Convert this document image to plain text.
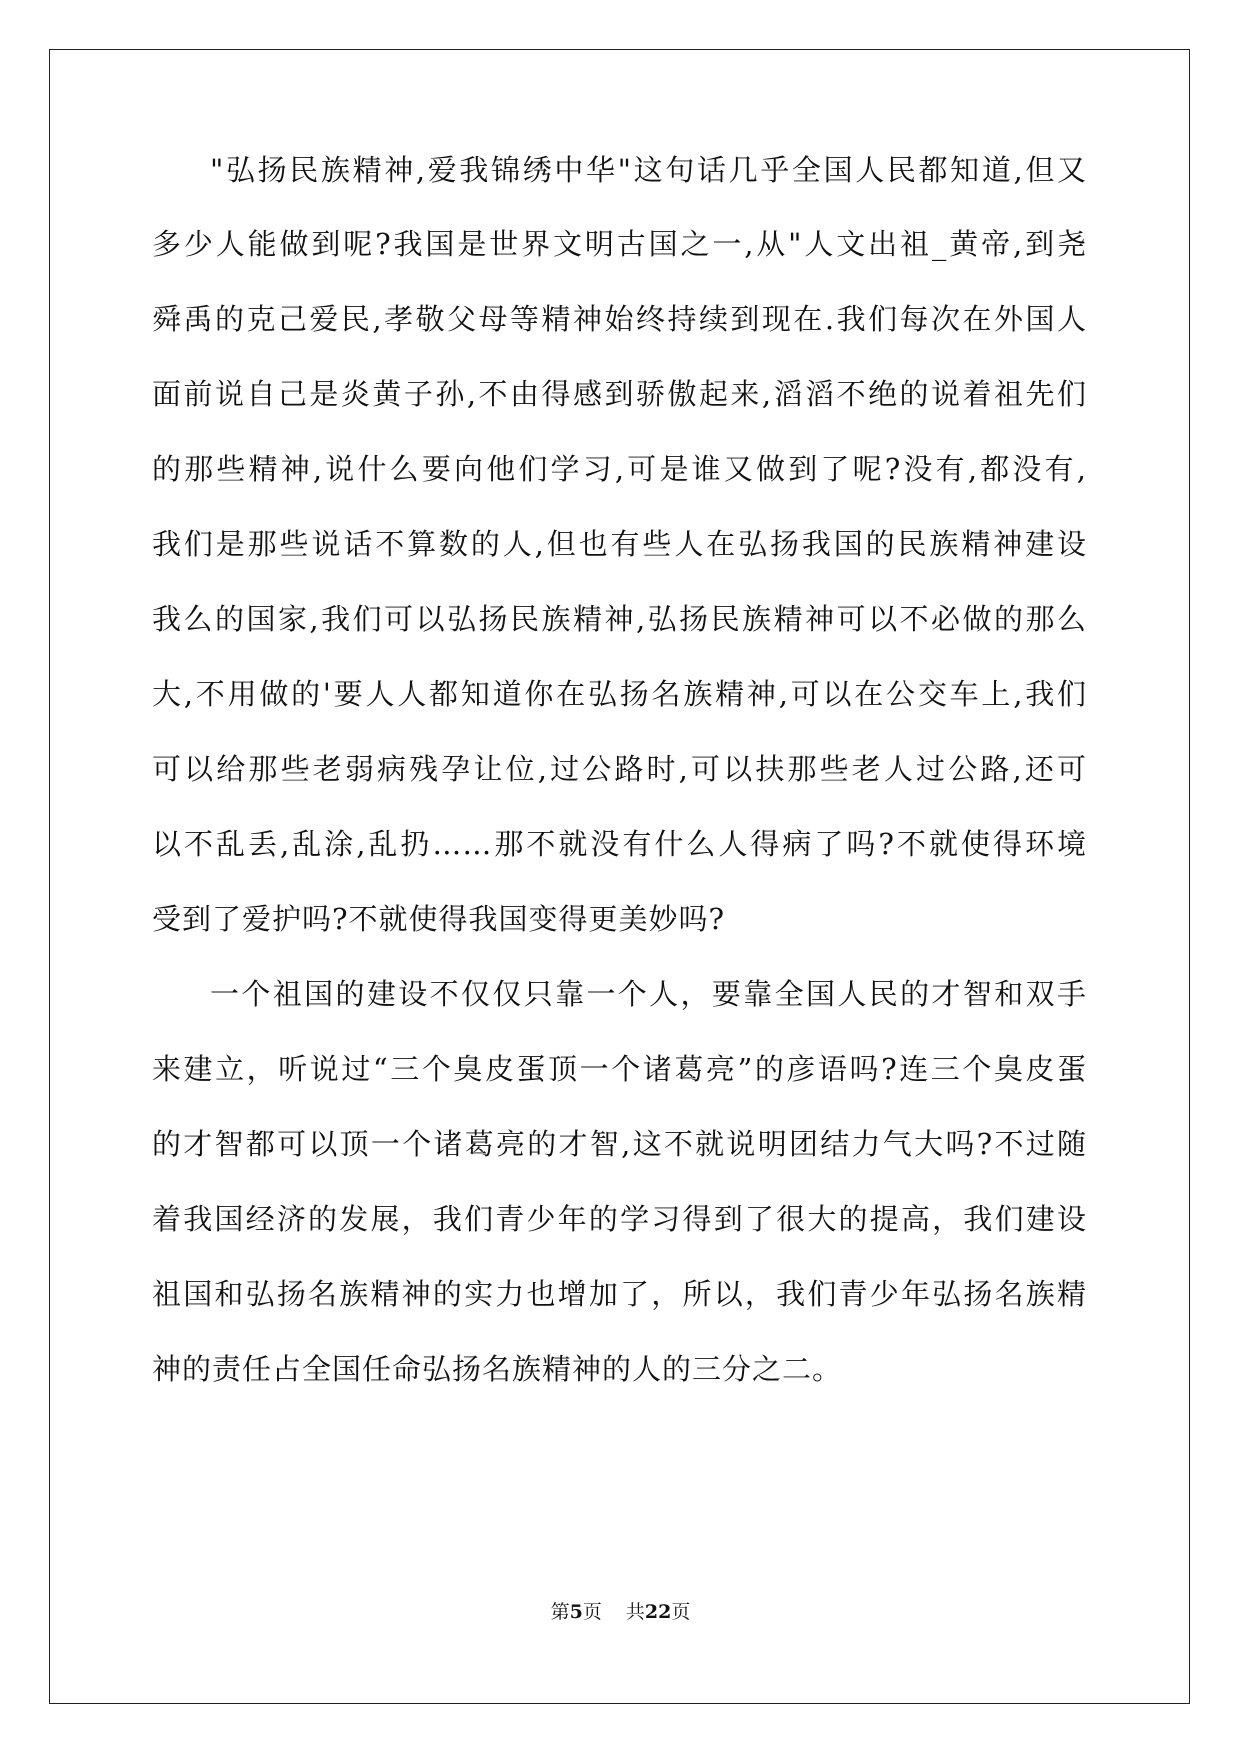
"弘扬民族精神,爱我锦绣中华"这句话几乎全国人民都知道,但又
多少人能做到呢?我国是世界文明古国之一,从"人文出祖_黄帝,到尧
舜禹的克己爱民,孝敬父母等精神始终持续到现在.我们每次在外国人
面前说自己是炎黄子孙,不由得感到骄傲起来,滔滔不绝的说着祖先们
的那些精神,说什么要向他们学习,可是谁又做到了呢?没有,都没有,
我们是那些说话不算数的人,但也有些人在弘扬我国的民族精神建设
我么的国家,我们可以弘扬民族精神,弘扬民族精神可以不必做的那么
大,不用做的'要人人都知道你在弘扬名族精神,可以在公交车上,我们
可以给那些老弱病残孕让位,过公路时,可以扶那些老人过公路,还可
以不乱丢,乱涂,乱扔……那不就没有什么人得病了吗?不就使得环境
受到了爱护吗?不就使得我国变得更美妙吗?
一个祖国的建设不仅仅只靠一个人，要靠全国人民的才智和双手
来建立，听说过“三个臭皮蛋顶一个诸葛亮”的彦语吗?连三个臭皮蛋
的才智都可以顶一个诸葛亮的才智,这不就说明团结力气大吗?不过随
着我国经济的发展，我们青少年的学习得到了很大的提高，我们建设
祖国和弘扬名族精神的实力也增加了，所以，我们青少年弘扬名族精
神的责任占全国任命弘扬名族精神的人的三分之二。
第5页 共22页
